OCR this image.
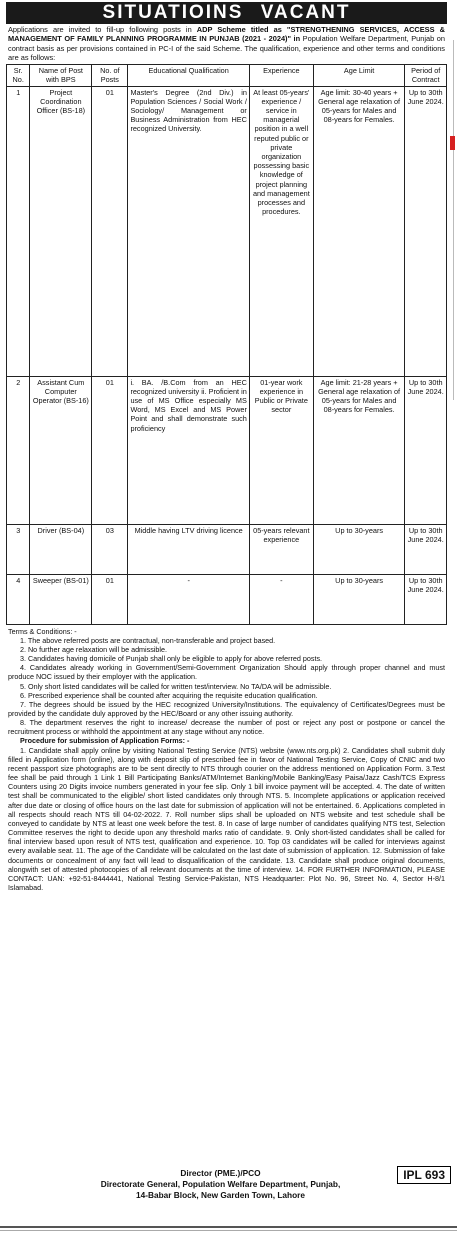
SITUATIOINS VACANT
Applications are invited to fill-up following posts in ADP Scheme titled as "STRENGTHENING SERVICES, ACCESS & MANAGEMENT OF FAMILY PLANNING PROGRAMME IN PUNJAB (2021 - 2024)" in Population Welfare Department, Punjab on contract basis as per provisions contained in PC-I of the said Scheme. The qualification, experience and other terms and conditions are as follows:
Sr. No.	Name of Post with BPS	No. of Posts	Educational Qualification	Experience	Age Limit	Period of Contract
1	Project Coordination Officer (BS-18)	01	Master's Degree (2nd Div.) in Population Sciences / Social Work / Sociology/ Management or Business Administration from HEC recognized University.	At least 05-years' experience / service in managerial position in a well reputed public or private organization possessing basic knowledge of project planning and management processes and procedures.	Age limit: 30-40 years + General age relaxation of 05-years for Males and 08-years for Females.	Up to 30th June 2024.
2	Assistant Cum Computer Operator (BS-16)	01	i. BA. /B.Com from an HEC recognized university ii. Proficient in use of MS Office especially MS Word, MS Excel and MS Power Point and shall demonstrate such proficiency	01-year work experience in Public or Private sector	Age limit: 21-28 years + General age relaxation of 05-years for Males and 08-years for Females.	Up to 30th June 2024.
3	Driver (BS-04)	03	Middle having LTV driving licence	05-years relevant experience	Up to 30-years	Up to 30th June 2024.
4	Sweeper (BS-01)	01	-	-	Up to 30-years	Up to 30th June 2024.

Terms & Conditions: -

1. The above referred posts are contractual, non-transferable and project based.

2. No further age relaxation will be admissible.

3. Candidates having domicile of Punjab shall only be eligible to apply for above referred posts.

4. Candidates already working in Government/Semi-Government Organization Should apply through proper channel and must produce NOC issued by their employer with the application.

5. Only short listed candidates will be called for written test/interview. No TA/DA will be admissible.

6. Prescribed experience shall be counted after acquiring the requisite education qualification.

7. The degrees should be issued by the HEC recognized University/Institutions. The equivalency of Certificates/Degrees must be provided by the candidate duly approved by the HEC/Board or any other issuing authority.

8. The department reserves the right to increase/ decrease the number of post or reject any post or postpone or cancel the recruitment process or withhold the appointment at any stage without any notice.

Procedure for submission of Application Forms: -

1. Candidate shall apply online by visiting National Testing Service (NTS) website (www.nts.org.pk) 2. Candidates shall submit duly filled in Application form (online), along with deposit slip of prescribed fee in favor of National Testing Service, Copy of CNIC and two recent passport size photographs are to be sent directly to NTS through courier on the address mentioned on Application Form. 3.Test fee shall be paid through 1 Link 1 Bill Participating Banks/ATM/Internet Banking/Mobile Banking/Easy Paisa/Jazz Cash/TCS Express Counters using 20 Digits invoice numbers generated in your fee slip. Only 1 bill invoice payment will be accepted. 4. The date of written test shall be communicated to the eligible/ short listed candidates only through NTS. 5. Incomplete applications or application received after due date or closing of office hours on the last date for submission of application will not be entertained. 6. Applications completed in all respects should reach NTS till 04-02-2022. 7. Roll number slips shall be uploaded on NTS website and test schedule shall be conveyed to candidate by NTS at least one week before the test. 8. In case of large number of candidates qualifying NTS test, Selection Committee reserves the right to decide upon any threshold marks ratio of candidate. 9. Only short-listed candidates shall be called for final interview based upon result of NTS test, qualification and experience. 10. Top 03 candidates will be called for interviews against every available seat. 11. The age of the Candidate will be calculated on the last date of submission of application. 12. Submission of fake documents or concealment of any fact will lead to disqualification of the candidate. 13. Candidate shall produce original documents, alongwith set of attested photocopies of all relevant documents at the time of interview. 14. FOR FURTHER INFORMATION, PLEASE CONTACT: UAN: +92-51-8444441, National Testing Service-Pakistan, NTS Headquarter: Plot No. 96, Street No. 4, Sector H-8/1 Islamabad.

Director (PME.)/PCO
Directorate General, Population Welfare Department, Punjab,
14-Babar Block, New Garden Town, Lahore
IPL 693
